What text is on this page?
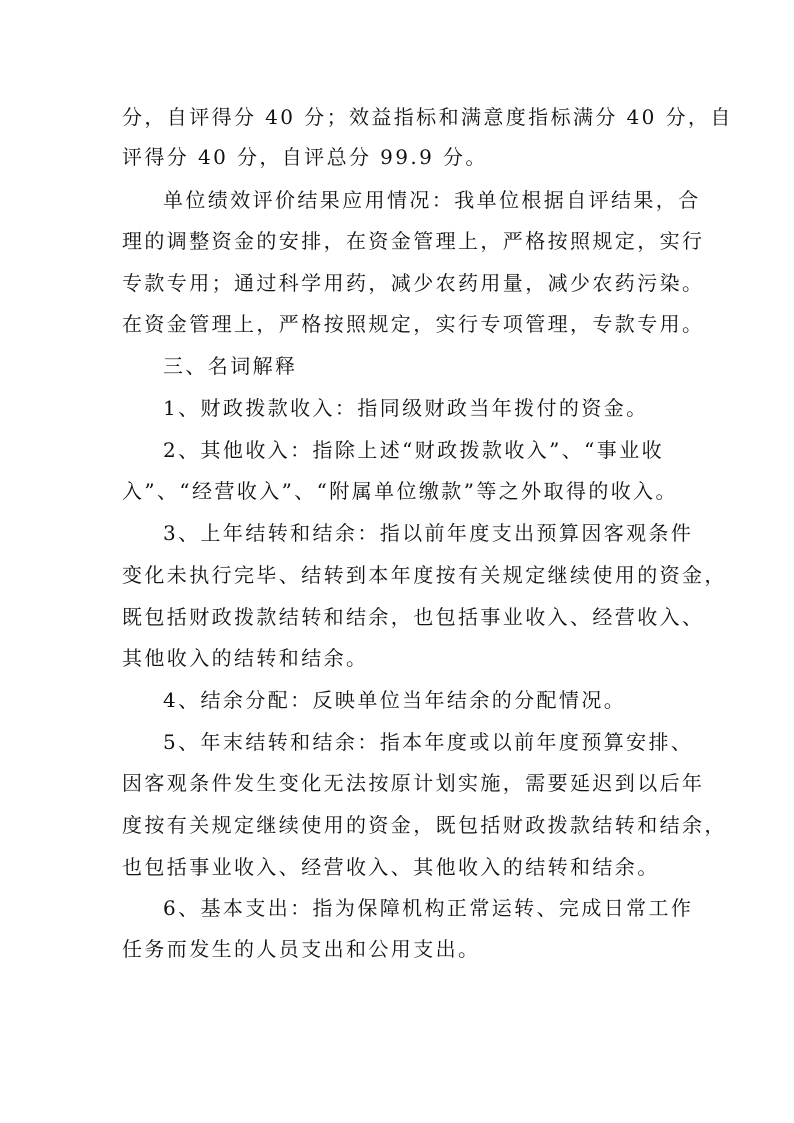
分，自评得分 40 分；效益指标和满意度指标满分 40 分，自
评得分 40 分，自评总分 99.9 分。
单位绩效评价结果应用情况：我单位根据自评结果，合
理的调整资金的安排，在资金管理上，严格按照规定，实行
专款专用；通过科学用药，减少农药用量，减少农药污染。
在资金管理上，严格按照规定，实行专项管理，专款专用。
三、名词解释
1、财政拨款收入：指同级财政当年拨付的资金。
2、其他收入：指除上述“财政拨款收入”、“事业收
入”、“经营收入”、“附属单位缴款”等之外取得的收入。
3、上年结转和结余：指以前年度支出预算因客观条件
变化未执行完毕、结转到本年度按有关规定继续使用的资金，
既包括财政拨款结转和结余，也包括事业收入、经营收入、
其他收入的结转和结余。
4、结余分配：反映单位当年结余的分配情况。
5、年末结转和结余：指本年度或以前年度预算安排、
因客观条件发生变化无法按原计划实施，需要延迟到以后年
度按有关规定继续使用的资金，既包括财政拨款结转和结余，
也包括事业收入、经营收入、其他收入的结转和结余。
6、基本支出：指为保障机构正常运转、完成日常工作
任务而发生的人员支出和公用支出。
